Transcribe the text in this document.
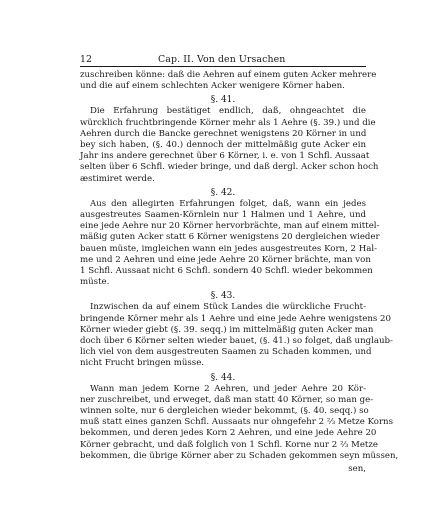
12	Cap. II. Von den Ursachen
zuschreiben könne: daß die Aehren auf einem guten Acker mehrere
und die auf einem schlechten Acker wenigere Körner haben.
§. 41.
Die Erfahrung bestätiget endlich, daß, ohngeachtet die
würcklich fruchtbringende Körner mehr als 1 Aehre (§. 39.) und die
Aehren durch die Bancke gerechnet wenigstens 20 Körner in und
bey sich haben, (§. 40.) dennoch der mittelmäßig gute Acker ein
Jahr ins andere gerechnet über 6 Körner, i. e. von 1 Schfl. Aussaat
selten über 6 Schfl. wieder bringe, und daß dergl. Acker schon hoch
æstimiret werde.
§. 42.
Aus den allegirten Erfahrungen folget, daß, wann ein jedes
ausgestreutes Saamen-Körnlein nur 1 Halmen und 1 Aehre, und
eine jede Aehre nur 20 Körner hervorbrächte, man auf einem mittel-
mäßig guten Acker statt 6 Körner wenigstens 20 dergleichen wieder
bauen müste, imgleichen wann ein jedes ausgestreutes Korn, 2 Hal-
me und 2 Aehren und eine jede Aehre 20 Körner brächte, man von
1 Schfl. Aussaat nicht 6 Schfl. sondern 40 Schfl. wieder bekommen
müste.
§. 43.
Inzwischen da auf einem Stück Landes die würckliche Frucht-
bringende Körner mehr als 1 Aehre und eine jede Aehre wenigstens 20
Körner wieder giebt (§. 39. seqq.) im mittelmäßig guten Acker man
doch über 6 Körner selten wieder bauet, (§. 41.) so folget, daß unglaub-
lich viel von dem ausgestreuten Saamen zu Schaden kommen, und
nicht Frucht bringen müsse.
§. 44.
Wann man jedem Korne 2 Aehren, und jeder Aehre 20 Kör-
ner zuschreibet, und erweget, daß man statt 40 Körner, so man ge-
winnen solte, nur 6 dergleichen wieder bekommt, (§. 40. seqq.) so
muß statt eines ganzen Schfl. Aussaats nur ohngefehr 2 ⅔ Metze Korns
bekommen, und deren jedes Korn 2 Aehren, und eine jede Aehre 20
Körner gebracht, und daß folglich von 1 Schfl. Korne nur 2 ⅔ Metze
bekommen, die übrige Körner aber zu Schaden gekommen seyn müssen,
sen,
